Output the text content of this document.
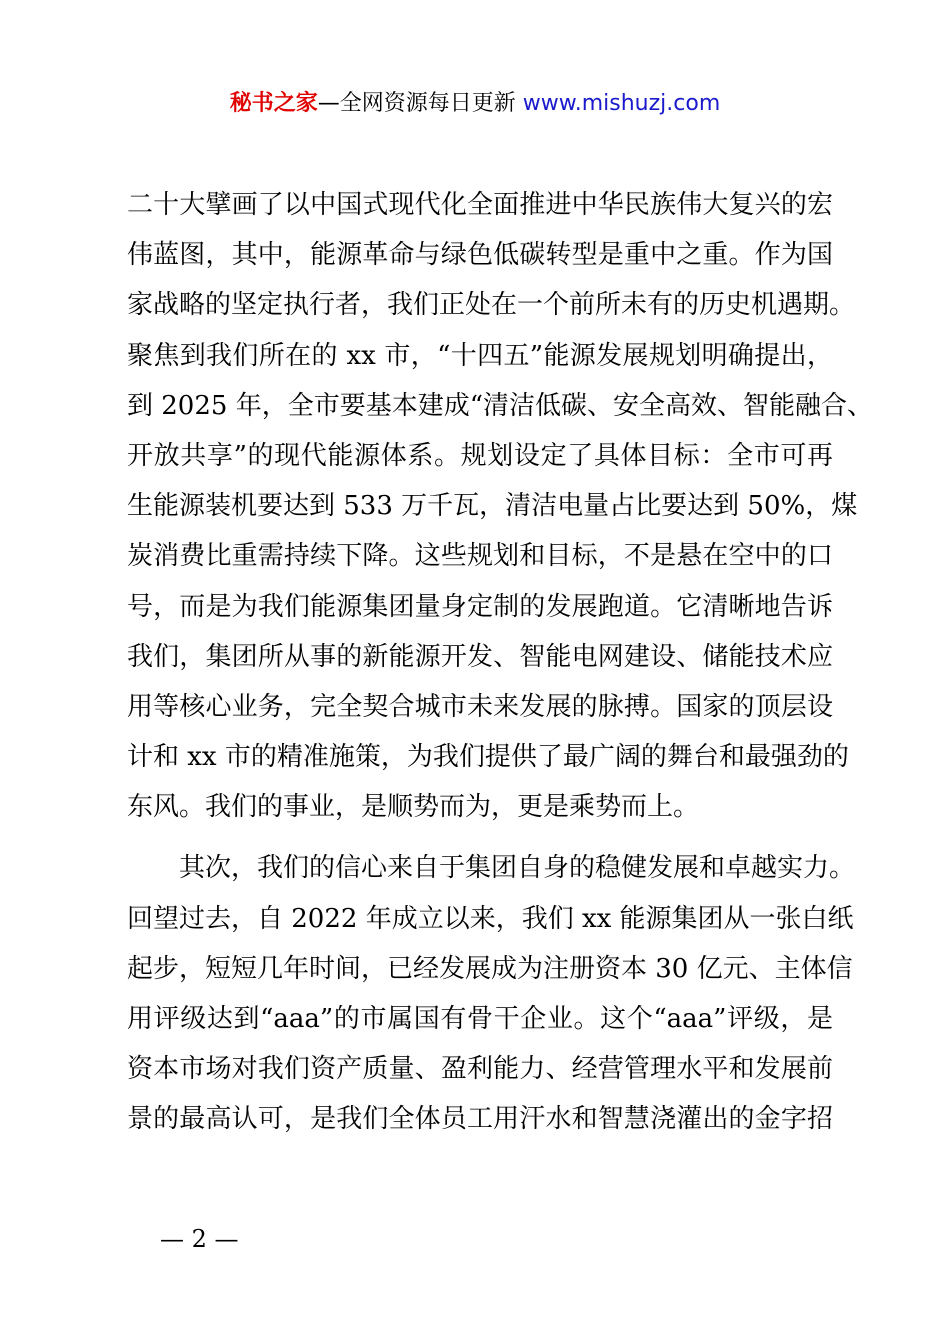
秘书之家—全网资源每日更新 www.mishuzj.com
二十大擘画了以中国式现代化全面推进中华民族伟大复兴的宏
伟蓝图，其中，能源革命与绿色低碳转型是重中之重。作为国
家战略的坚定执行者，我们正处在一个前所未有的历史机遇期。
聚焦到我们所在的 xx 市，“十四五”能源发展规划明确提出，
到 2025 年，全市要基本建成“清洁低碳、安全高效、智能融合、
开放共享”的现代能源体系。规划设定了具体目标：全市可再
生能源装机要达到 533 万千瓦，清洁电量占比要达到 50%，煤
炭消费比重需持续下降。这些规划和目标，不是悬在空中的口
号，而是为我们能源集团量身定制的发展跑道。它清晰地告诉
我们，集团所从事的新能源开发、智能电网建设、储能技术应
用等核心业务，完全契合城市未来发展的脉搏。国家的顶层设
计和 xx 市的精准施策，为我们提供了最广阔的舞台和最强劲的
东风。我们的事业，是顺势而为，更是乘势而上。
其次，我们的信心来自于集团自身的稳健发展和卓越实力。
回望过去，自 2022 年成立以来，我们 xx 能源集团从一张白纸
起步，短短几年时间，已经发展成为注册资本 30 亿元、主体信
用评级达到“aaa”的市属国有骨干企业。这个“aaa”评级，是
资本市场对我们资产质量、盈利能力、经营管理水平和发展前
景的最高认可，是我们全体员工用汗水和智慧浇灌出的金字招
— 2 —
